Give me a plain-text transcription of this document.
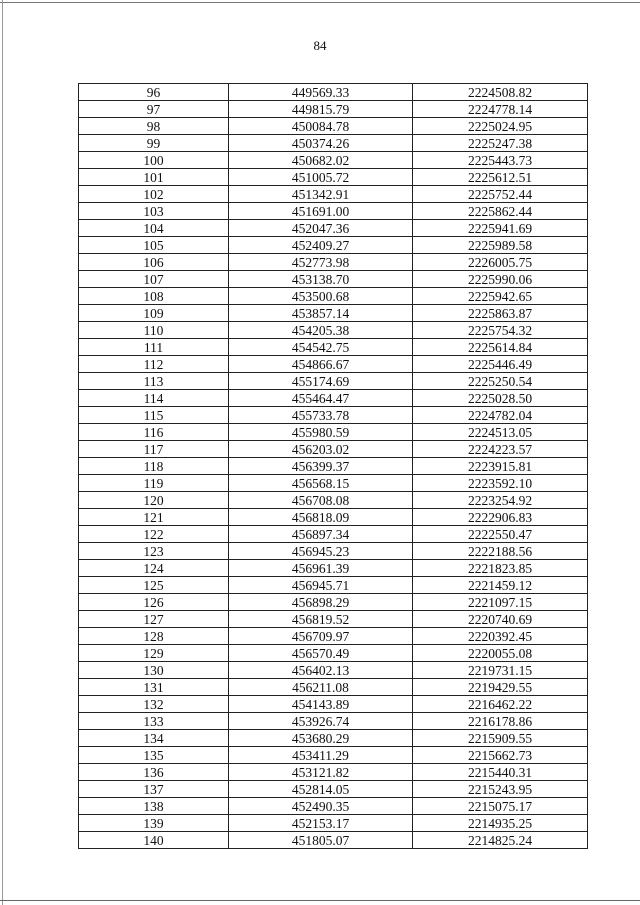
84
96	449569.33	2224508.82
97	449815.79	2224778.14
98	450084.78	2225024.95
99	450374.26	2225247.38
100	450682.02	2225443.73
101	451005.72	2225612.51
102	451342.91	2225752.44
103	451691.00	2225862.44
104	452047.36	2225941.69
105	452409.27	2225989.58
106	452773.98	2226005.75
107	453138.70	2225990.06
108	453500.68	2225942.65
109	453857.14	2225863.87
110	454205.38	2225754.32
111	454542.75	2225614.84
112	454866.67	2225446.49
113	455174.69	2225250.54
114	455464.47	2225028.50
115	455733.78	2224782.04
116	455980.59	2224513.05
117	456203.02	2224223.57
118	456399.37	2223915.81
119	456568.15	2223592.10
120	456708.08	2223254.92
121	456818.09	2222906.83
122	456897.34	2222550.47
123	456945.23	2222188.56
124	456961.39	2221823.85
125	456945.71	2221459.12
126	456898.29	2221097.15
127	456819.52	2220740.69
128	456709.97	2220392.45
129	456570.49	2220055.08
130	456402.13	2219731.15
131	456211.08	2219429.55
132	454143.89	2216462.22
133	453926.74	2216178.86
134	453680.29	2215909.55
135	453411.29	2215662.73
136	453121.82	2215440.31
137	452814.05	2215243.95
138	452490.35	2215075.17
139	452153.17	2214935.25
140	451805.07	2214825.24
